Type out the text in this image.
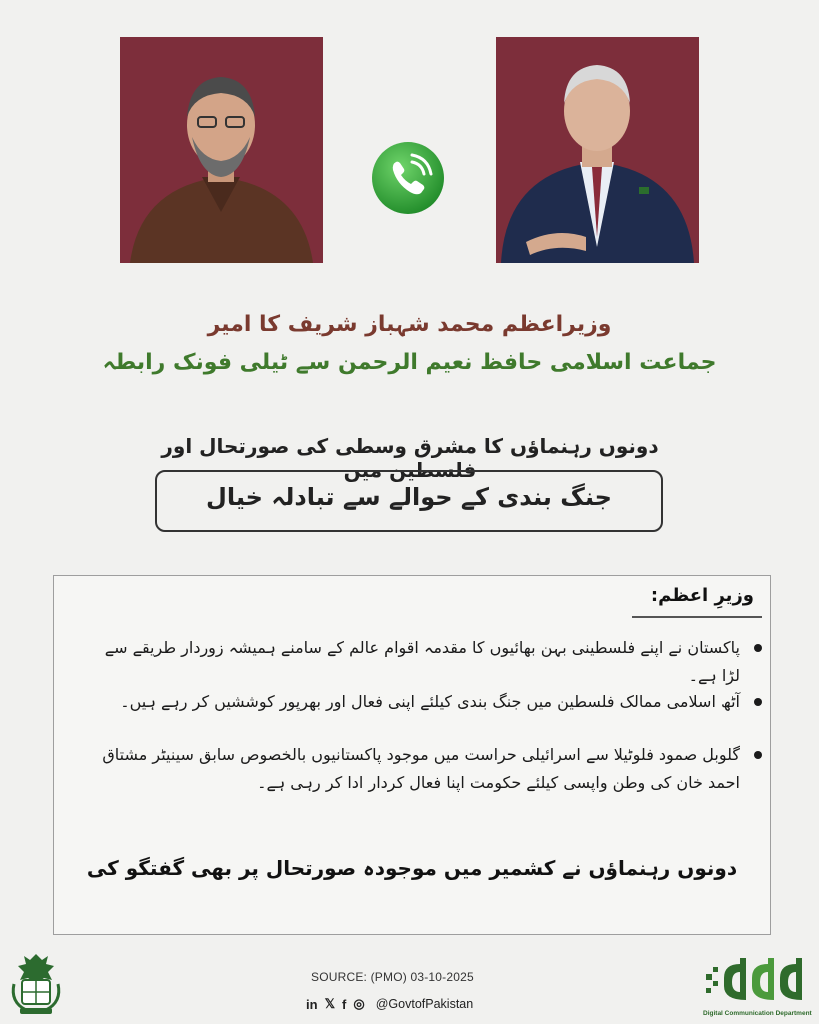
وزیراعظم محمد شہباز شریف کا امیر
جماعت اسلامی حافظ نعیم الرحمن سے ٹیلی فونک رابطہ
دونوں رہنماؤں کا مشرق وسطی کی صورتحال اور فلسطین میں
جنگ بندی کے حوالے سے تبادلہ خیال
وزیرِ اعظم:
پاکستان نے اپنے فلسطینی بہن بھائیوں کا مقدمہ اقوام عالم کے سامنے ہمیشہ زوردار طریقے سے لڑا ہے۔
آٹھ اسلامی ممالک فلسطین میں جنگ بندی کیلئے اپنی فعال اور بھرپور کوششیں کر رہے ہیں۔
گلوبل صمود فلوٹیلا سے اسرائیلی حراست میں موجود پاکستانیوں بالخصوص سابق سینیٹر مشتاق احمد خان کی وطن واپسی کیلئے حکومت اپنا فعال کردار ادا کر رہی ہے۔
دونوں رہنماؤں نے کشمیر میں موجودہ صورتحال پر بھی گفتگو کی
SOURCE: (PMO) 03-10-2025
in 𝕏 f ◎ @GovtofPakistan
Digital Communication Department
